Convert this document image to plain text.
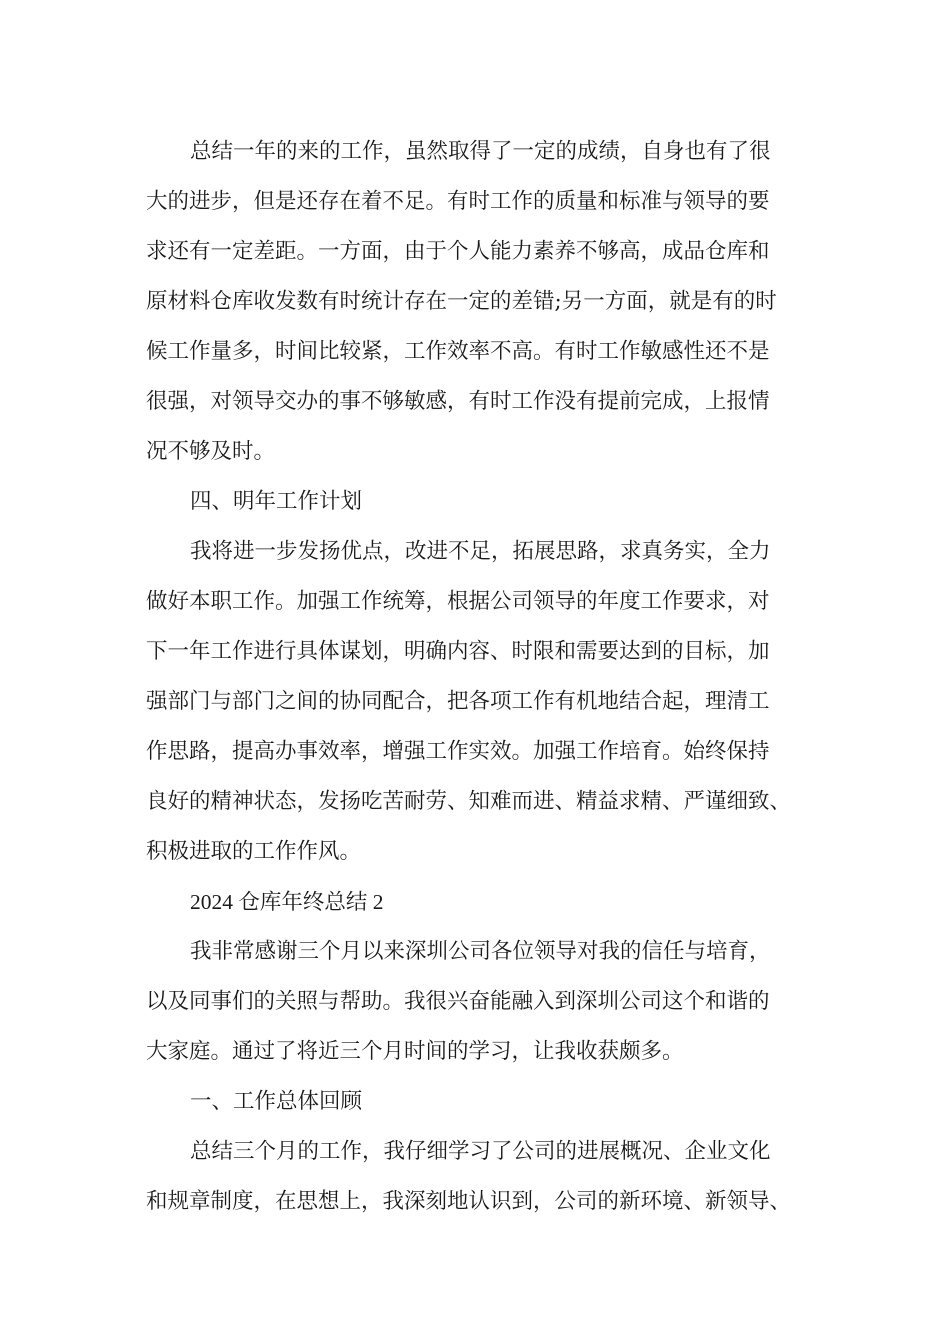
总结一年的来的工作，虽然取得了一定的成绩，自身也有了很
大的进步，但是还存在着不足。有时工作的质量和标准与领导的要
求还有一定差距。一方面，由于个人能力素养不够高，成品仓库和
原材料仓库收发数有时统计存在一定的差错;另一方面，就是有的时
候工作量多，时间比较紧，工作效率不高。有时工作敏感性还不是
很强，对领导交办的事不够敏感，有时工作没有提前完成，上报情
况不够及时。
四、明年工作计划
我将进一步发扬优点，改进不足，拓展思路，求真务实，全力
做好本职工作。加强工作统筹，根据公司领导的年度工作要求，对
下一年工作进行具体谋划，明确内容、时限和需要达到的目标，加
强部门与部门之间的协同配合，把各项工作有机地结合起，理清工
作思路，提高办事效率，增强工作实效。加强工作培育。始终保持
良好的精神状态，发扬吃苦耐劳、知难而进、精益求精、严谨细致、
积极进取的工作作风。
2024 仓库年终总结 2
我非常感谢三个月以来深圳公司各位领导对我的信任与培育，
以及同事们的关照与帮助。我很兴奋能融入到深圳公司这个和谐的
大家庭。通过了将近三个月时间的学习，让我收获颇多。
一、工作总体回顾
总结三个月的工作，我仔细学习了公司的进展概况、企业文化
和规章制度，在思想上，我深刻地认识到，公司的新环境、新领导、
